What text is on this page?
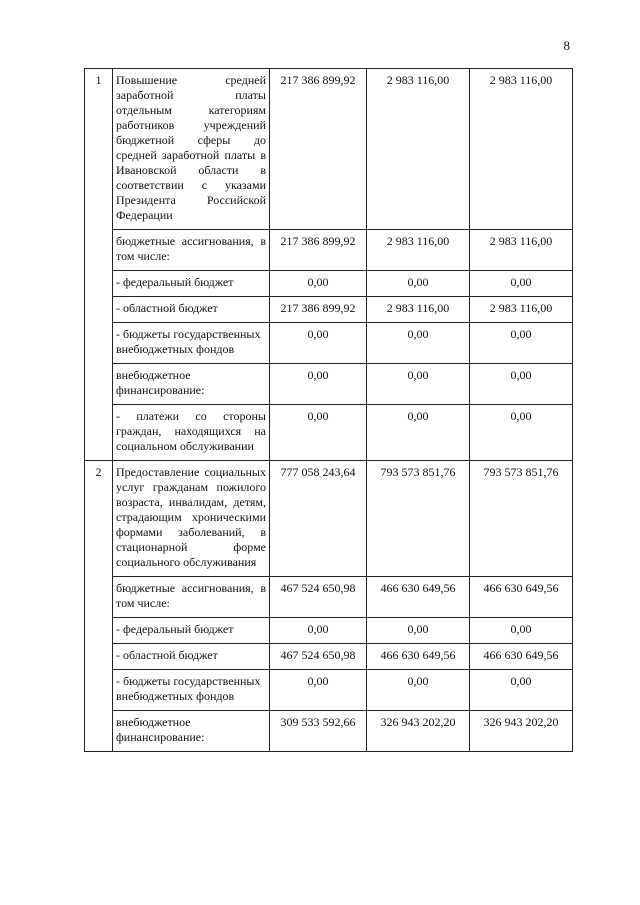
8
1	Повышение средней заработной платы отдельным категориям работников учреждений бюджетной сферы до средней заработной платы в Ивановской области в соответствии с указами Президента Российской Федерации	217 386 899,92	2 983 116,00	2 983 116,00
	бюджетные ассигнования, в том числе:	217 386 899,92	2 983 116,00	2 983 116,00
	- федеральный бюджет	0,00	0,00	0,00
	- областной бюджет	217 386 899,92	2 983 116,00	2 983 116,00
	- бюджеты государственных внебюджетных фондов	0,00	0,00	0,00
	внебюджетное финансирование:	0,00	0,00	0,00
	- платежи со стороны граждан, находящихся на социальном обслуживании	0,00	0,00	0,00
2	Предоставление социальных услуг гражданам пожилого возраста, инвалидам, детям, страдающим хроническими формами заболеваний, в стационарной форме социального обслуживания	777 058 243,64	793 573 851,76	793 573 851,76
	бюджетные ассигнования, в том числе:	467 524 650,98	466 630 649,56	466 630 649,56
	- федеральный бюджет	0,00	0,00	0,00
	- областной бюджет	467 524 650,98	466 630 649,56	466 630 649,56
	- бюджеты государственных внебюджетных фондов	0,00	0,00	0,00
	внебюджетное финансирование:	309 533 592,66	326 943 202,20	326 943 202,20
